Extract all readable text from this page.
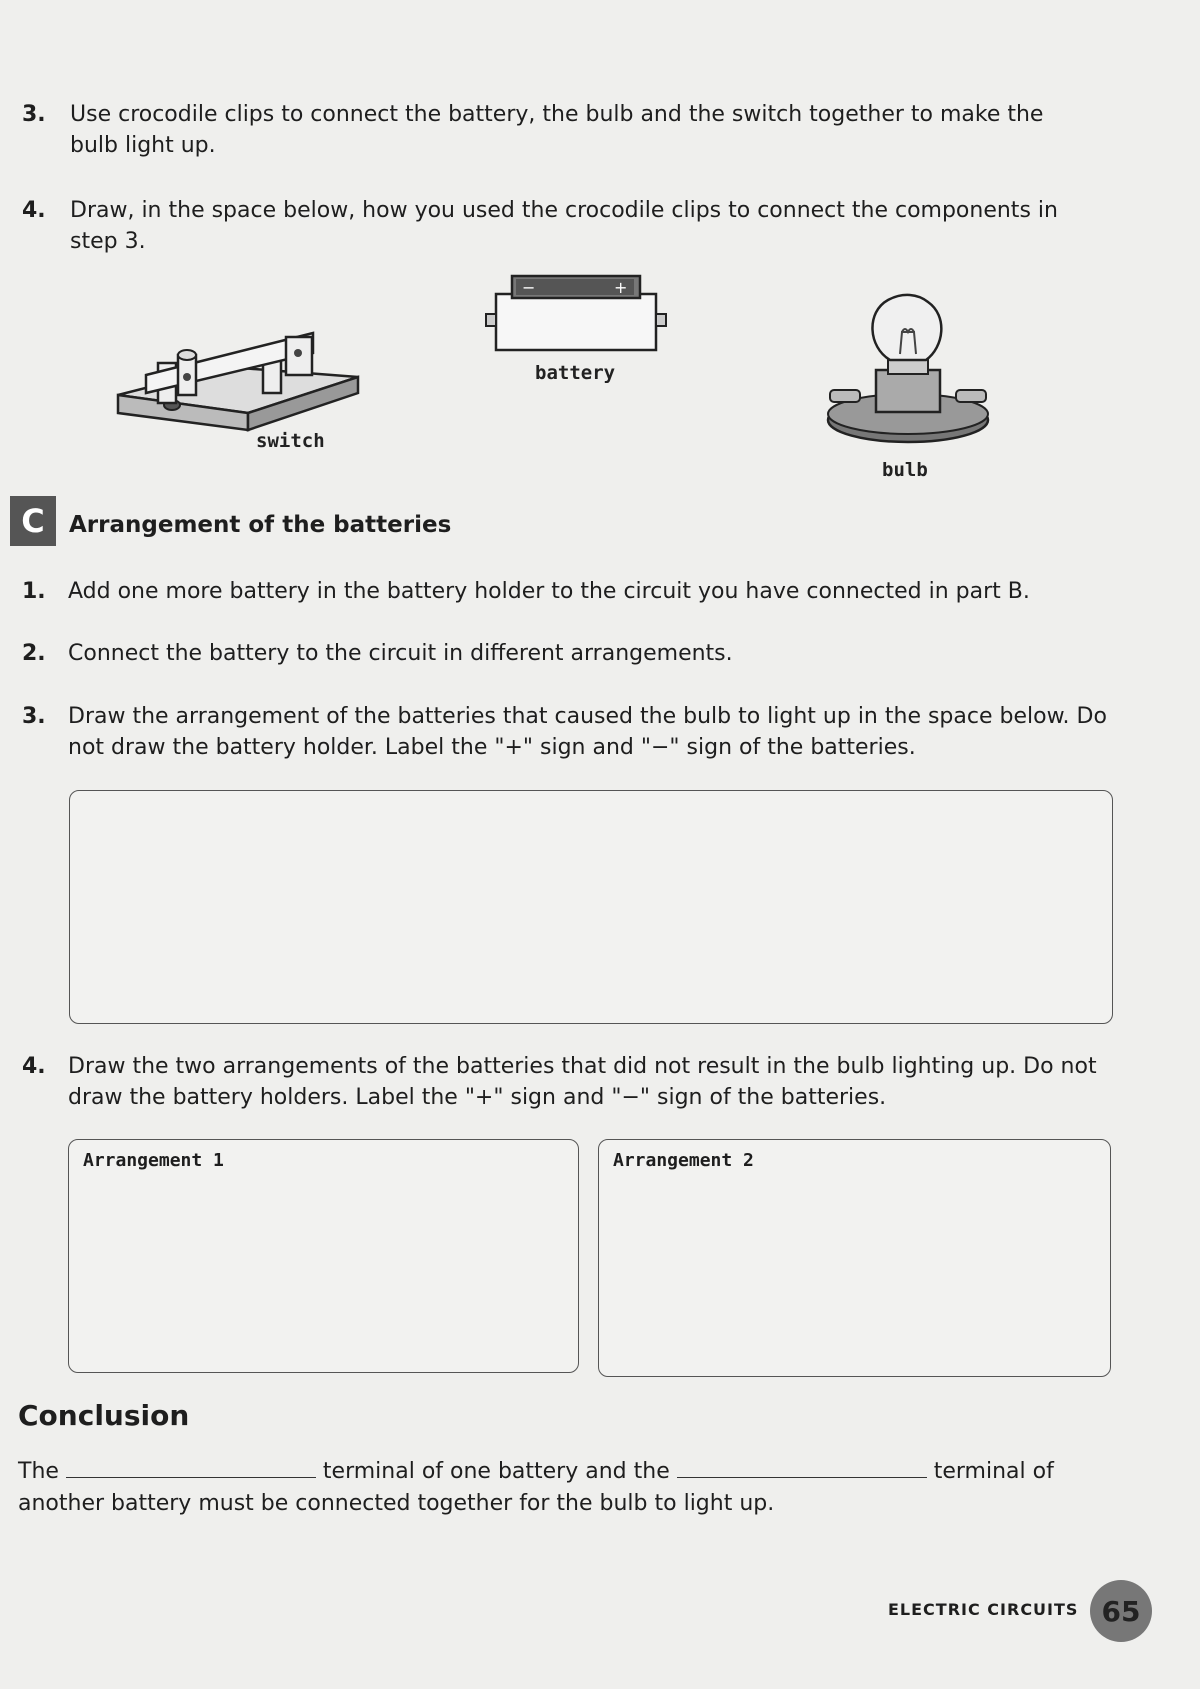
3. Use crocodile clips to connect the battery, the bulb and the switch together to make the bulb light up.
4. Draw, in the space below, how you used the crocodile clips to connect the components in step 3.
switch
−	+
battery
bulb
C	Arrangement of the batteries
1. Add one more battery in the battery holder to the circuit you have connected in part B.
2. Connect the battery to the circuit in different arrangements.
3. Draw the arrangement of the batteries that caused the bulb to light up in the space below. Do not draw the battery holder. Label the "+" sign and "−" sign of the batteries.
4. Draw the two arrangements of the batteries that did not result in the bulb lighting up. Do not draw the battery holders. Label the "+" sign and "−" sign of the batteries.
Arrangement 1	Arrangement 2
Conclusion
The	terminal of one battery and the	terminal of another battery must be connected together for the bulb to light up.
ELECTRIC CIRCUITS 65
